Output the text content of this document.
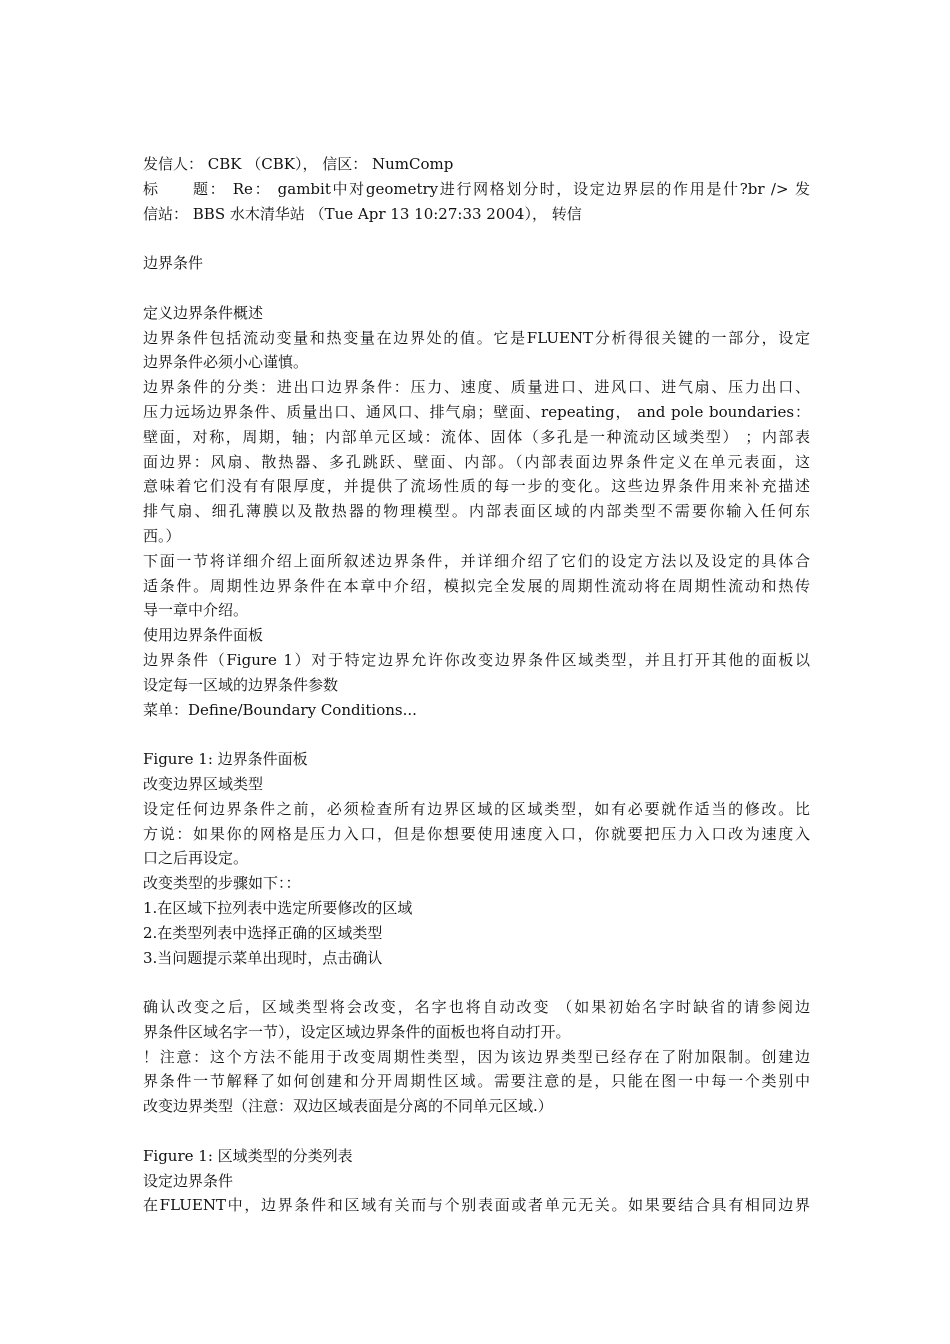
发信人： CBK （CBK）， 信区： NumComp
标　　题： Re： gambit中对geometry进行网格划分时，设定边界层的作用是什?br /> 发
信站： BBS 水木清华站 （Tue Apr 13 10:27:33 2004）， 转信
边界条件
定义边界条件概述
边界条件包括流动变量和热变量在边界处的值。它是FLUENT分析得很关键的一部分，设定
边界条件必须小心谨慎。
边界条件的分类：进出口边界条件：压力、速度、质量进口、进风口、进气扇、压力出口、
压力远场边界条件、质量出口、通风口、排气扇；壁面、repeating， and pole boundaries：
壁面，对称，周期，轴；内部单元区域：流体、固体（多孔是一种流动区域类型） ；内部表
面边界：风扇、散热器、多孔跳跃、壁面、内部。（内部表面边界条件定义在单元表面，这
意味着它们没有有限厚度，并提供了流场性质的每一步的变化。这些边界条件用来补充描述
排气扇、细孔薄膜以及散热器的物理模型。内部表面区域的内部类型不需要你输入任何东
西。）
下面一节将详细介绍上面所叙述边界条件，并详细介绍了它们的设定方法以及设定的具体合
适条件。周期性边界条件在本章中介绍，模拟完全发展的周期性流动将在周期性流动和热传
导一章中介绍。
使用边界条件面板
边界条件（Figure 1）对于特定边界允许你改变边界条件区域类型，并且打开其他的面板以
设定每一区域的边界条件参数
菜单：Define/Boundary Conditions...
Figure 1: 边界条件面板
改变边界区域类型
设定任何边界条件之前，必须检查所有边界区域的区域类型，如有必要就作适当的修改。比
方说：如果你的网格是压力入口，但是你想要使用速度入口，你就要把压力入口改为速度入
口之后再设定。
改变类型的步骤如下：：
1.在区域下拉列表中选定所要修改的区域
2.在类型列表中选择正确的区域类型
3.当问题提示菜单出现时，点击确认
确认改变之后，区域类型将会改变，名字也将自动改变 （如果初始名字时缺省的请参阅边
界条件区域名字一节），设定区域边界条件的面板也将自动打开。
！注意：这个方法不能用于改变周期性类型，因为该边界类型已经存在了附加限制。创建边
界条件一节解释了如何创建和分开周期性区域。需要注意的是，只能在图一中每一个类别中
改变边界类型（注意：双边区域表面是分离的不同单元区域.）
Figure 1: 区域类型的分类列表
设定边界条件
在FLUENT中，边界条件和区域有关而与个别表面或者单元无关。如果要结合具有相同边界
